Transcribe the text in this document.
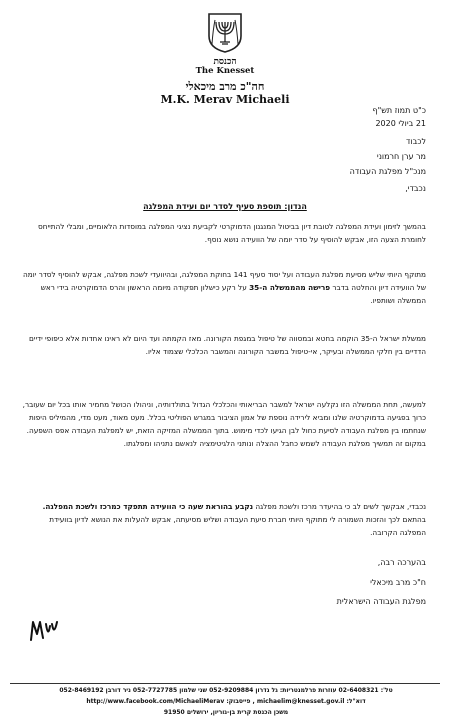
הכנסת
The Knesset
חה"כ מרב מיכאלי
M.K. Merav Michaeli
כ"ט תמוז תש"ף
21 ביולי 2020
לכבוד
מר ערן חרמוני
מנכ"ל מפלגת העבודה
נכבדי,
הנדון: תוספת סעיף לסדר יום ועידת המפלגה
בהמשך לזימון ועידת המפלגה לטובת דיון בביטול המנגנון הדמוקרטי לקביעת נציגי המפלגה במוסדות הלאומיים, ומבלי להתייחס לחומרת הצעה הזו, אבקש להוסיף על סדר יומה של הוועידה נושא נוסף.
מתוקף היותי שליש מסיעת מפלגת העבודה ועל יסוד סעיף 141 בחוקת המפלגה, ובהיוועדי לשכת מפלגה, אבקש להוסיף לסדר יומה של הוועידה דיון והחלטה בדבר פרישה מהממשלה ה-35 על רקע כישלון תפקודה מיומה הראשון והרס הדמוקרטיה בידי ראש הממשלה ושותפיו.
ממשלת ישראל ה-35 הוקמה בחטא ובמסווה של טיפול במגפת הקורונה. מאז הקמתה ועד היום לא ראינו אחדות אלא כיפופי ידיים הדדיים בין חלקי הממשלה ובעיקר, אי-טיפול במשבר הקורונה והמשבר הכלכלי שצמוד אליו.
למעשה, תחת הממשלה הזו נקלעה ישראל למשבר הבריאותי והכלכלי הגדול בתולדותיה, וניהולו הכושל מחמיר אותו בכל יום שעובר, כרוך בפגיעה בדמוקרטיה שלנו ומביא לירידה נוספת של אמון הציבור במגרש הפוליטי בכלל. מעט מאוד, מעט מדי, מהמיליס היפות שנחתמו בין מפלגת העבודה לסיעת כחול לבן הגיעו לכדי מימוש. בתוך הממשלה המזיקה הזאת, יש למפלגת העבודה אפס השפעה. במקום זה תמשיך מפלגת העבודה לשמש כחבל ההצלה ונותני הלגיטימציה לנאשם נתניהו ומפלגתו.
נכבדי, אבקשך לשים לב כי בהיעדר מרכז ולשכת מפלגה נקבע בהוראת שעה כי הוועידה תתפקד כמרכז ולשכת המפלגה. בהתאם לכך והזכות השמורה לי מתוקף היותי חברת סיעת העבודה ושליש מסיעתה, אבקש להעלות את הנושא לדיון בוועידת המפלגה הקרובה.
בהערכה רבה,
ח"כ מרב מיכאלי
מפלגת העבודה הישראלית
טל': 02-6408321 עוזרות פרלמנטריות: גל גדרון 052-9209884 שני שלמון 052-7727785 ניר דורבן 052-8469192
דוא"ל: michaelim@knesset.gov.il , פייסבוק: http://www.facebook.com/MichaeliMerav
משכן הכנסת קרית בן-גוריון, ירושלים 91950
